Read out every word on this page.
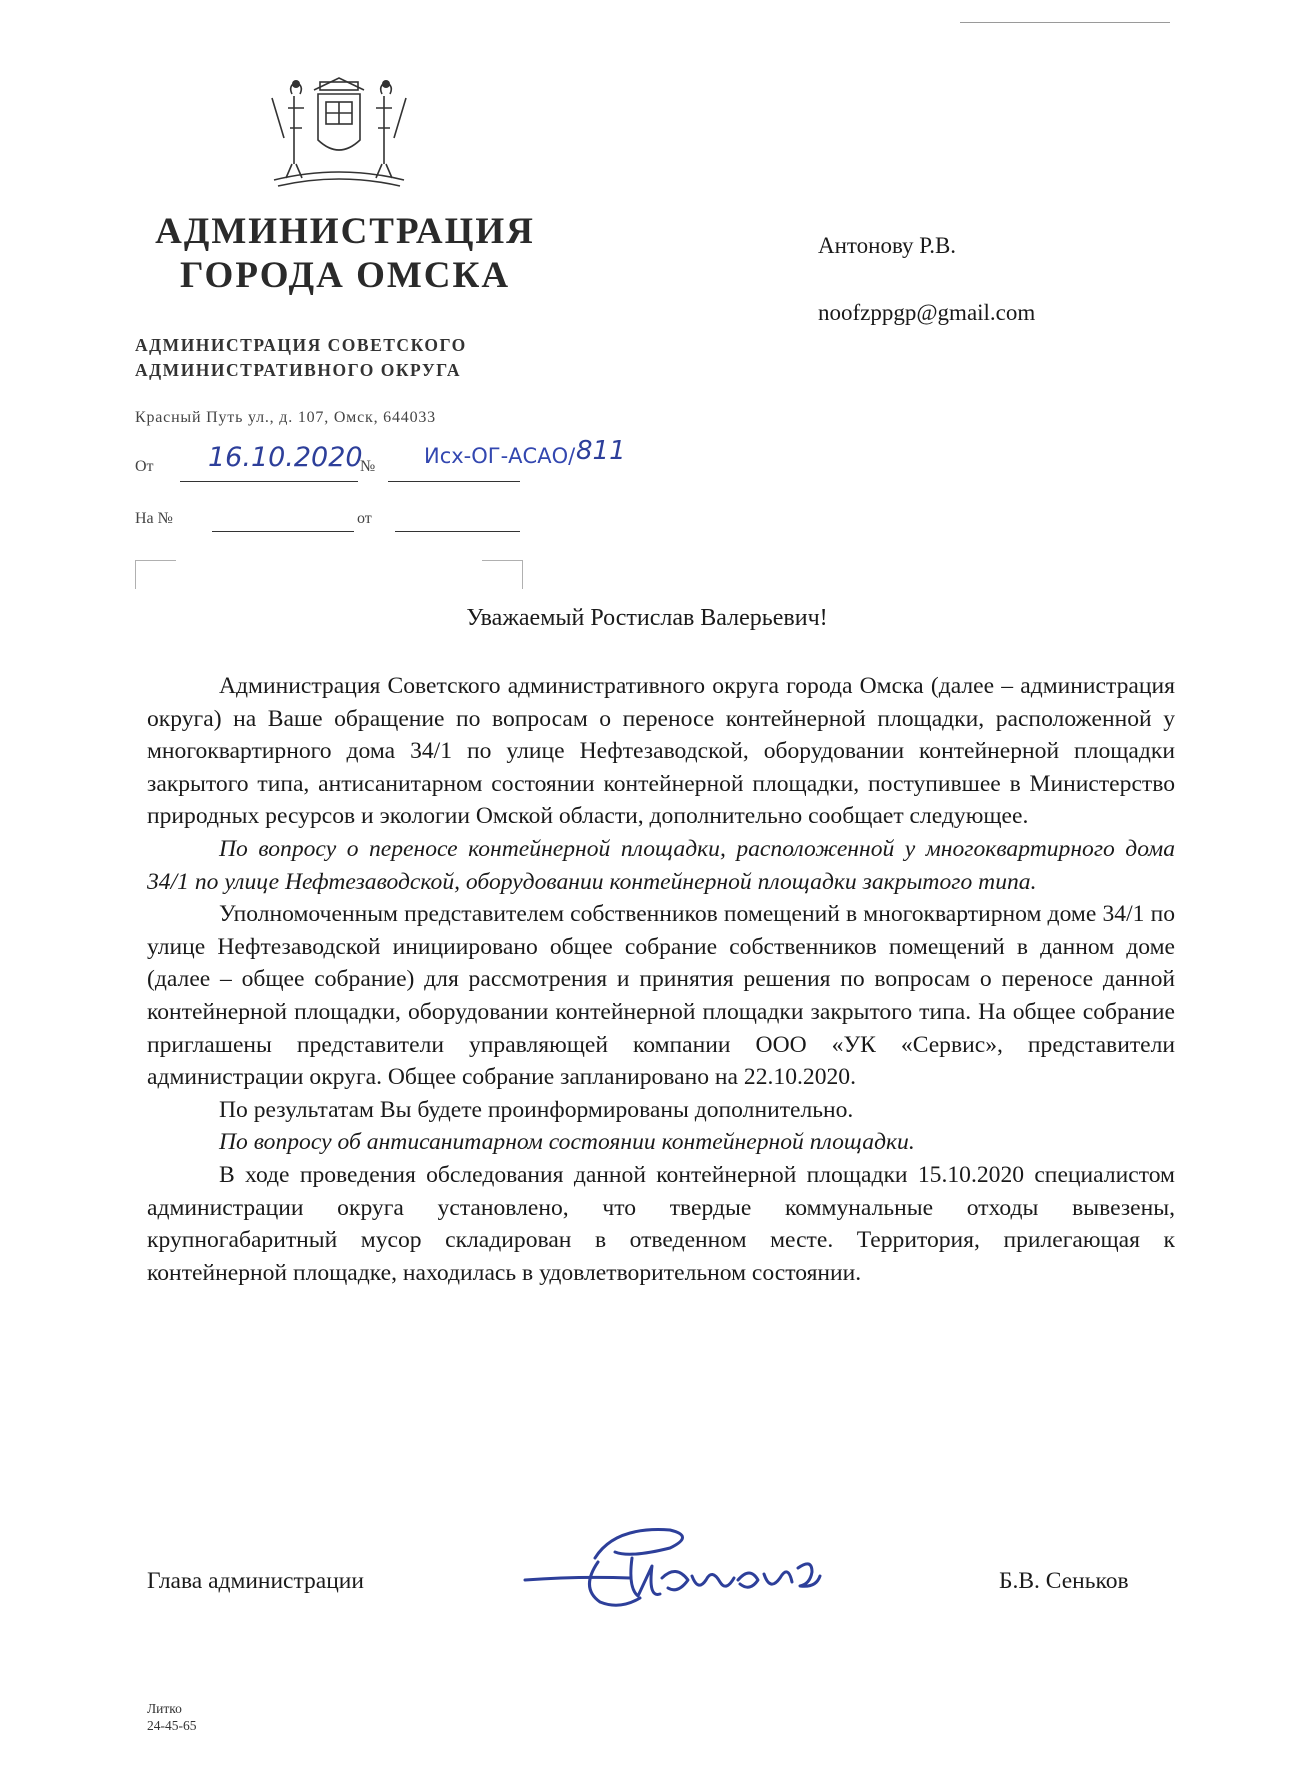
АДМИНИСТРАЦИЯ
ГОРОДА ОМСКА
АДМИНИСТРАЦИЯ СОВЕТСКОГО
АДМИНИСТРАТИВНОГО ОКРУГА
Красный Путь ул., д. 107, Омск, 644033
От 16.10.2020
№ Исх-ОГ-АСАО/ 811
На №	от
Антонову Р.В.
noofzppgp@gmail.com
Уважаемый Ростислав Валерьевич!

Администрация Советского административного округа города Омска (далее – администрация округа) на Ваше обращение по вопросам о переносе контейнерной площадки, расположенной у многоквартирного дома 34/1 по улице Нефтезаводской, оборудовании контейнерной площадки закрытого типа, антисанитарном состоянии контейнерной площадки, поступившее в Министерство природных ресурсов и экологии Омской области, дополнительно сообщает следующее.

По вопросу о переносе контейнерной площадки, расположенной у многоквартирного дома 34/1 по улице Нефтезаводской, оборудовании контейнерной площадки закрытого типа.

Уполномоченным представителем собственников помещений в многоквартирном доме 34/1 по улице Нефтезаводской инициировано общее собрание собственников помещений в данном доме (далее – общее собрание) для рассмотрения и принятия решения по вопросам о переносе данной контейнерной площадки, оборудовании контейнерной площадки закрытого типа. На общее собрание приглашены представители управляющей компании ООО «УК «Сервис», представители администрации округа. Общее собрание запланировано на 22.10.2020.

По результатам Вы будете проинформированы дополнительно.

По вопросу об антисанитарном состоянии контейнерной площадки.

В ходе проведения обследования данной контейнерной площадки 15.10.2020 специалистом администрации округа установлено, что твердые коммунальные отходы вывезены, крупногабаритный мусор складирован в отведенном месте. Территория, прилегающая к контейнерной площадке, находилась в удовлетворительном состоянии.

Глава администрации	Б.В. Сеньков
Литко
24-45-65
